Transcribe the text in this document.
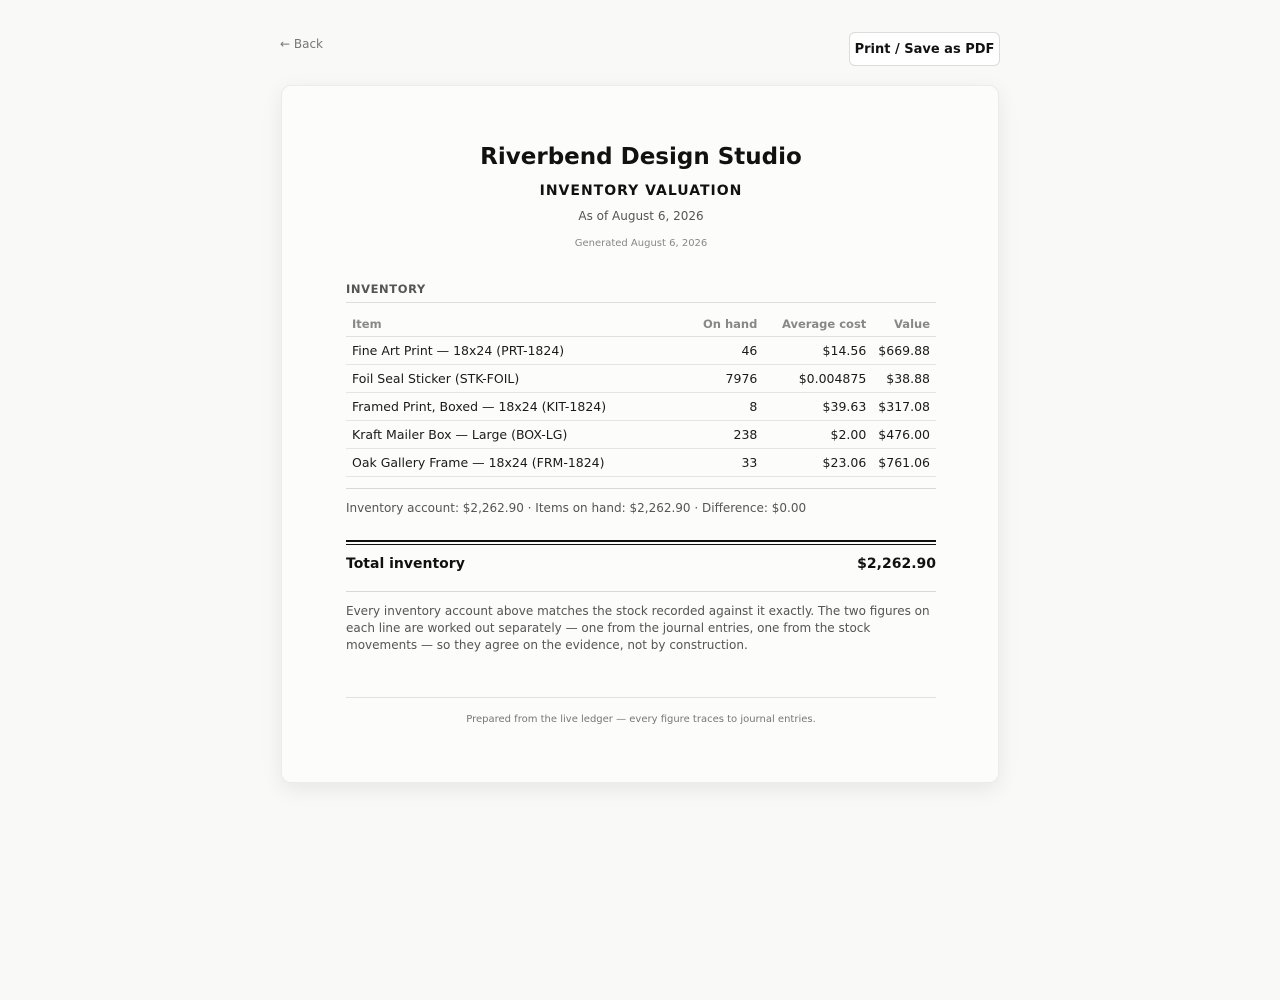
← Back	Print / Save as PDF
Riverbend Design Studio
INVENTORY VALUATION
As of August 6, 2026
Generated August 6, 2026
INVENTORY
Item	On hand	Average cost	Value
Fine Art Print — 18x24 (PRT-1824)	46	$14.56	$669.88
Foil Seal Sticker (STK-FOIL)	7976	$0.004875	$38.88
Framed Print, Boxed — 18x24 (KIT-1824)	8	$39.63	$317.08
Kraft Mailer Box — Large (BOX-LG)	238	$2.00	$476.00
Oak Gallery Frame — 18x24 (FRM-1824)	33	$23.06	$761.06
Inventory account: $2,262.90 · Items on hand: $2,262.90 · Difference: $0.00
Total inventory	$2,262.90
Every inventory account above matches the stock recorded against it exactly. The two figures on each line are worked out separately — one from the journal entries, one from the stock movements — so they agree on the evidence, not by construction.
Prepared from the live ledger — every figure traces to journal entries.
